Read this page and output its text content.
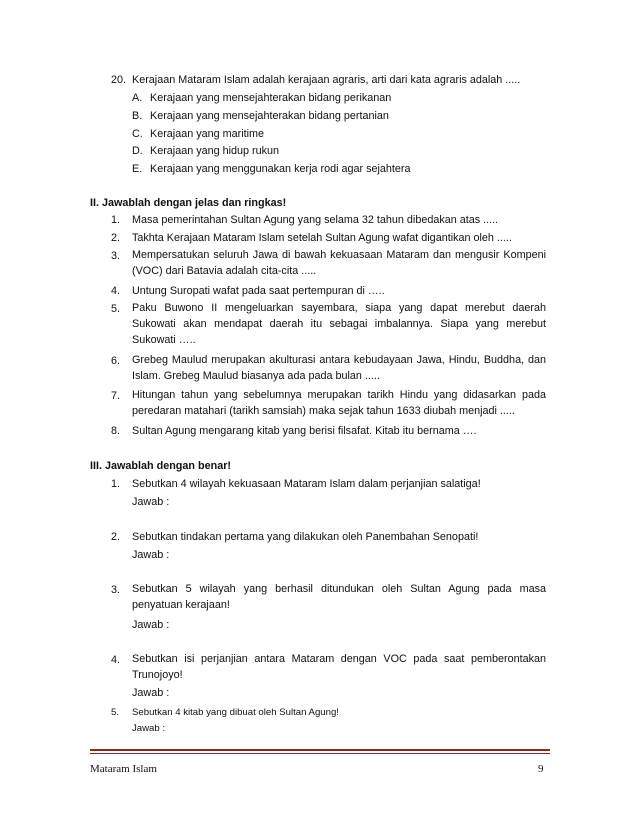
20. Kerajaan Mataram Islam adalah kerajaan agraris, arti dari kata agraris adalah .....
A. Kerajaan yang mensejahterakan bidang perikanan
B. Kerajaan yang mensejahterakan bidang pertanian
C. Kerajaan yang maritime
D. Kerajaan yang hidup rukun
E. Kerajaan yang menggunakan kerja rodi agar sejahtera
II. Jawablah dengan jelas dan ringkas!
1. Masa pemerintahan Sultan Agung yang selama 32 tahun dibedakan atas .....
2. Takhta Kerajaan Mataram Islam setelah Sultan Agung wafat digantikan oleh .....
3. Mempersatukan seluruh Jawa di bawah kekuasaan Mataram dan mengusir Kompeni (VOC) dari Batavia adalah cita-cita .....
4. Untung Suropati wafat pada saat pertempuran di …..
5. Paku Buwono II mengeluarkan sayembara, siapa yang dapat merebut daerah Sukowati akan mendapat daerah itu sebagai imbalannya. Siapa yang merebut Sukowati …..
6. Grebeg Maulud merupakan akulturasi antara kebudayaan Jawa, Hindu, Buddha, dan Islam. Grebeg Maulud biasanya ada pada bulan .....
7. Hitungan tahun yang sebelumnya merupakan tarikh Hindu yang didasarkan pada peredaran matahari (tarikh samsiah) maka sejak tahun 1633 diubah menjadi .....
8. Sultan Agung mengarang kitab yang berisi filsafat. Kitab itu bernama ….
III. Jawablah dengan benar!
1. Sebutkan 4 wilayah kekuasaan Mataram Islam dalam perjanjian salatiga!
Jawab :
2. Sebutkan tindakan pertama yang dilakukan oleh Panembahan Senopati!
Jawab :
3. Sebutkan 5 wilayah yang berhasil ditundukan oleh Sultan Agung pada masa penyatuan kerajaan!
Jawab :
4. Sebutkan isi perjanjian antara Mataram dengan VOC pada saat pemberontakan Trunojoyo!
Jawab :
5. Sebutkan 4 kitab yang dibuat oleh Sultan Agung!
Jawab :
Mataram Islam	9
